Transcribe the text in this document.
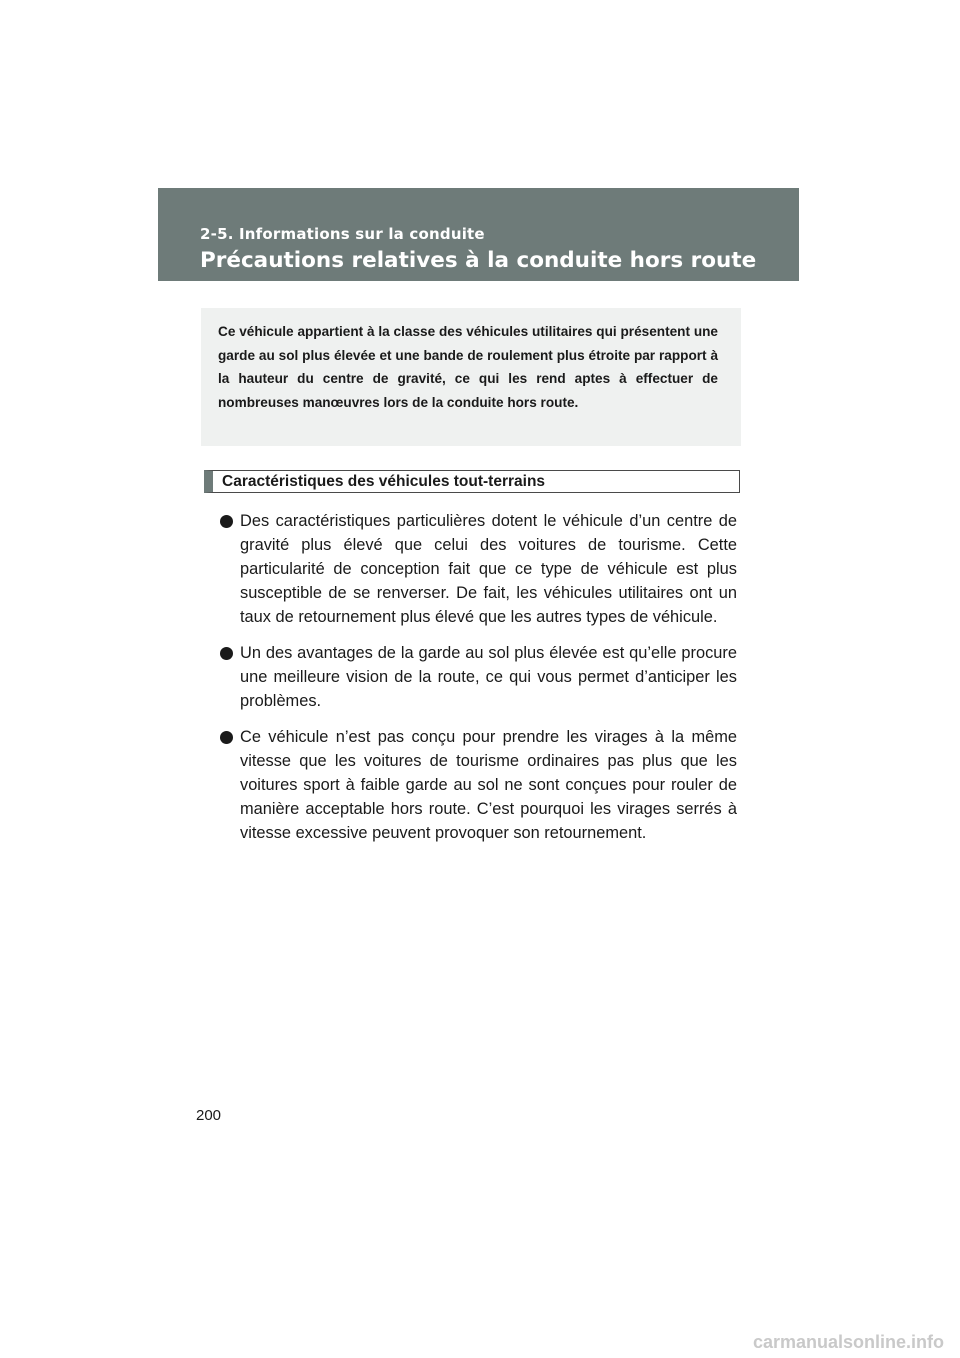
2-5. Informations sur la conduite
Précautions relatives à la conduite hors route

Ce véhicule appartient à la classe des véhicules utilitaires qui présentent une garde au sol plus élevée et une bande de roulement plus étroite par rapport à la hauteur du centre de gravité, ce qui les rend aptes à effectuer de nombreuses manœuvres lors de la conduite hors route.

Caractéristiques des véhicules tout-terrains

Des caractéristiques particulières dotent le véhicule d’un centre de gravité plus élevé que celui des voitures de tourisme. Cette particularité de conception fait que ce type de véhicule est plus susceptible de se renverser. De fait, les véhicules utilitaires ont un taux de retournement plus élevé que les autres types de véhicule.

Un des avantages de la garde au sol plus élevée est qu’elle procure une meilleure vision de la route, ce qui vous permet d’anticiper les problèmes.

Ce véhicule n’est pas conçu pour prendre les virages à la même vitesse que les voitures de tourisme ordinaires pas plus que les voitures sport à faible garde au sol ne sont conçues pour rouler de manière acceptable hors route. C’est pourquoi les virages serrés à vitesse excessive peuvent provoquer son retournement.

200
carmanualsonline.info
